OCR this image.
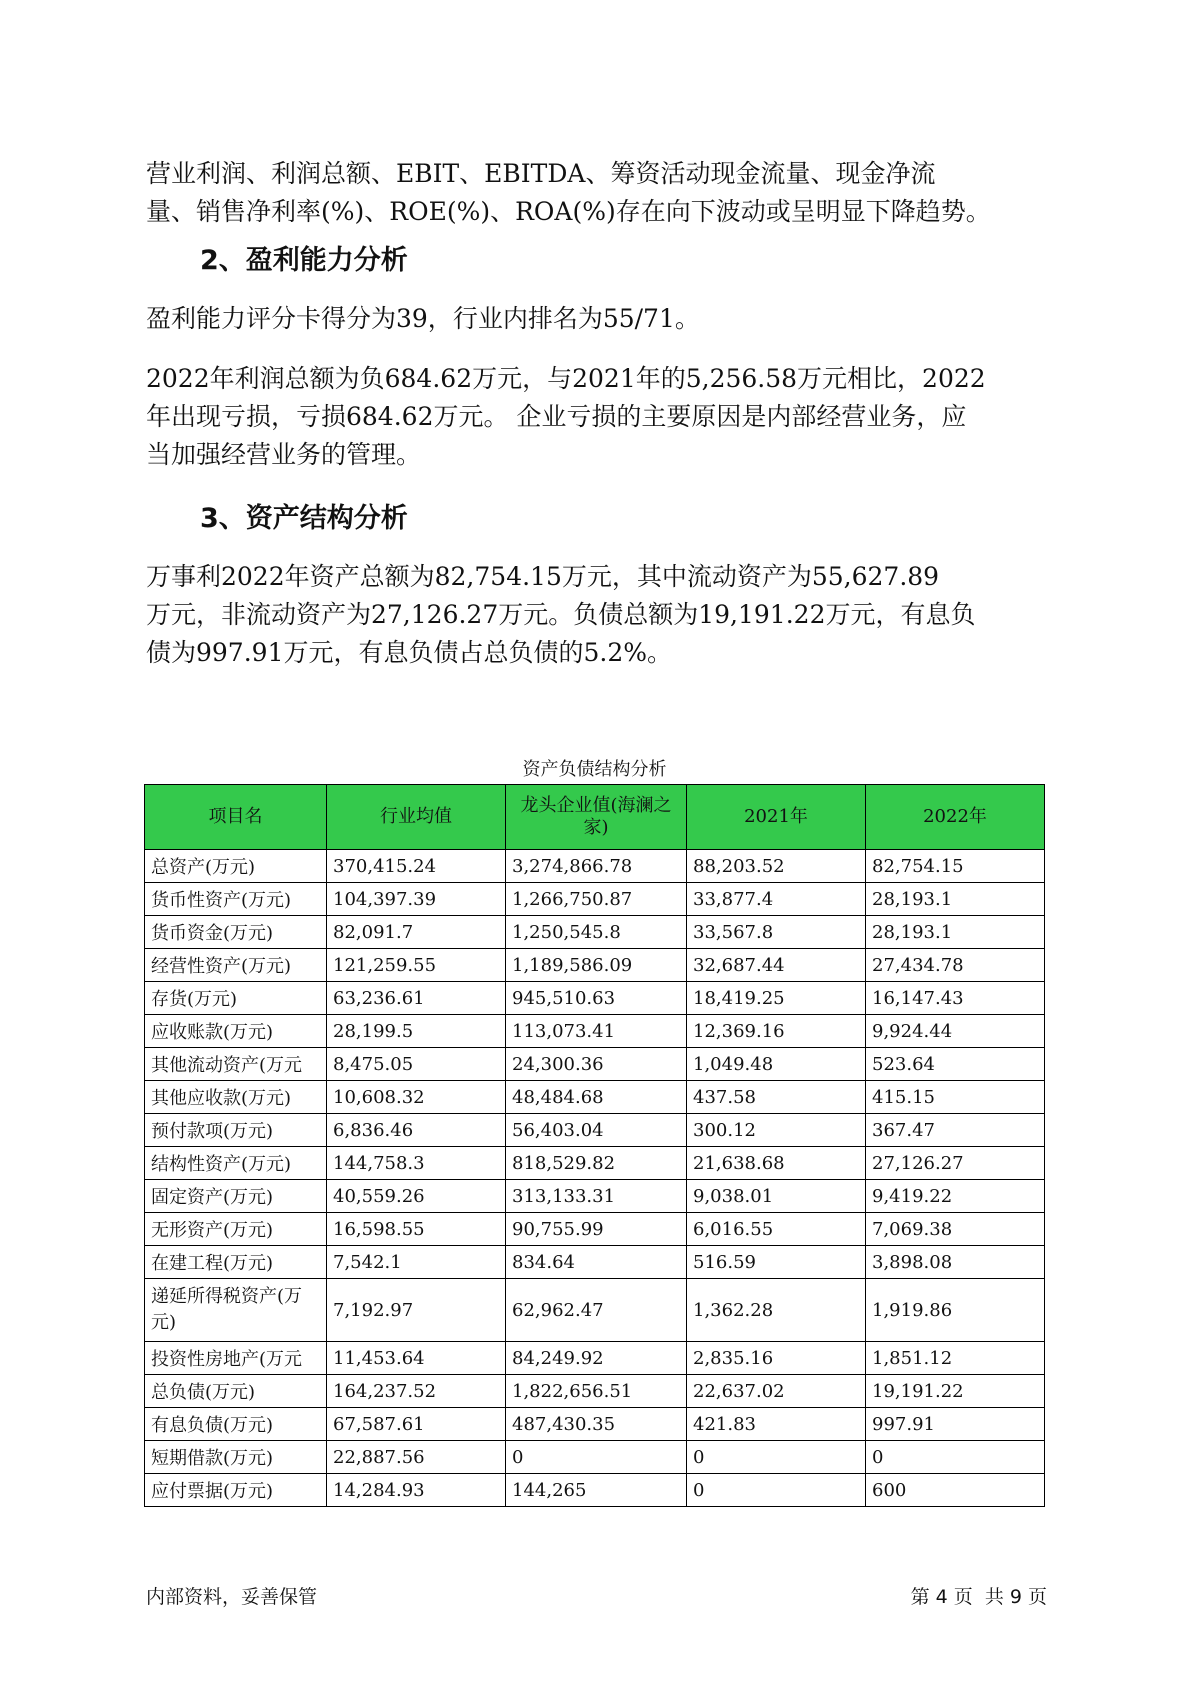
营业利润、利润总额、EBIT、EBITDA、筹资活动现金流量、现金净流
量、销售净利率(%)、ROE(%)、ROA(%)存在向下波动或呈明显下降趋势。

2、盈利能力分析

盈利能力评分卡得分为39，行业内排名为55/71。

2022年利润总额为负684.62万元，与2021年的5,256.58万元相比，2022
年出现亏损，亏损684.62万元。 企业亏损的主要原因是内部经营业务，应
当加强经营业务的管理。

3、资产结构分析

万事利2022年资产总额为82,754.15万元，其中流动资产为55,627.89
万元，非流动资产为27,126.27万元。负债总额为19,191.22万元，有息负
债为997.91万元，有息负债占总负债的5.2%。

资产负债结构分析
项目名	行业均值	龙头企业值(海澜之家)	2021年	2022年
总资产(万元)	370,415.24	3,274,866.78	88,203.52	82,754.15
货币性资产(万元)	104,397.39	1,266,750.87	33,877.4	28,193.1
货币资金(万元)	82,091.7	1,250,545.8	33,567.8	28,193.1
经营性资产(万元)	121,259.55	1,189,586.09	32,687.44	27,434.78
存货(万元)	63,236.61	945,510.63	18,419.25	16,147.43
应收账款(万元)	28,199.5	113,073.41	12,369.16	9,924.44
其他流动资产(万元	8,475.05	24,300.36	1,049.48	523.64
其他应收款(万元)	10,608.32	48,484.68	437.58	415.15
预付款项(万元)	6,836.46	56,403.04	300.12	367.47
结构性资产(万元)	144,758.3	818,529.82	21,638.68	27,126.27
固定资产(万元)	40,559.26	313,133.31	9,038.01	9,419.22
无形资产(万元)	16,598.55	90,755.99	6,016.55	7,069.38
在建工程(万元)	7,542.1	834.64	516.59	3,898.08
递延所得税资产(万元)	7,192.97	62,962.47	1,362.28	1,919.86
投资性房地产(万元	11,453.64	84,249.92	2,835.16	1,851.12
总负债(万元)	164,237.52	1,822,656.51	22,637.02	19,191.22
有息负债(万元)	67,587.61	487,430.35	421.83	997.91
短期借款(万元)	22,887.56	0	0	0
应付票据(万元)	14,284.93	144,265	0	600
内部资料，妥善保管	第 4 页  共 9 页
